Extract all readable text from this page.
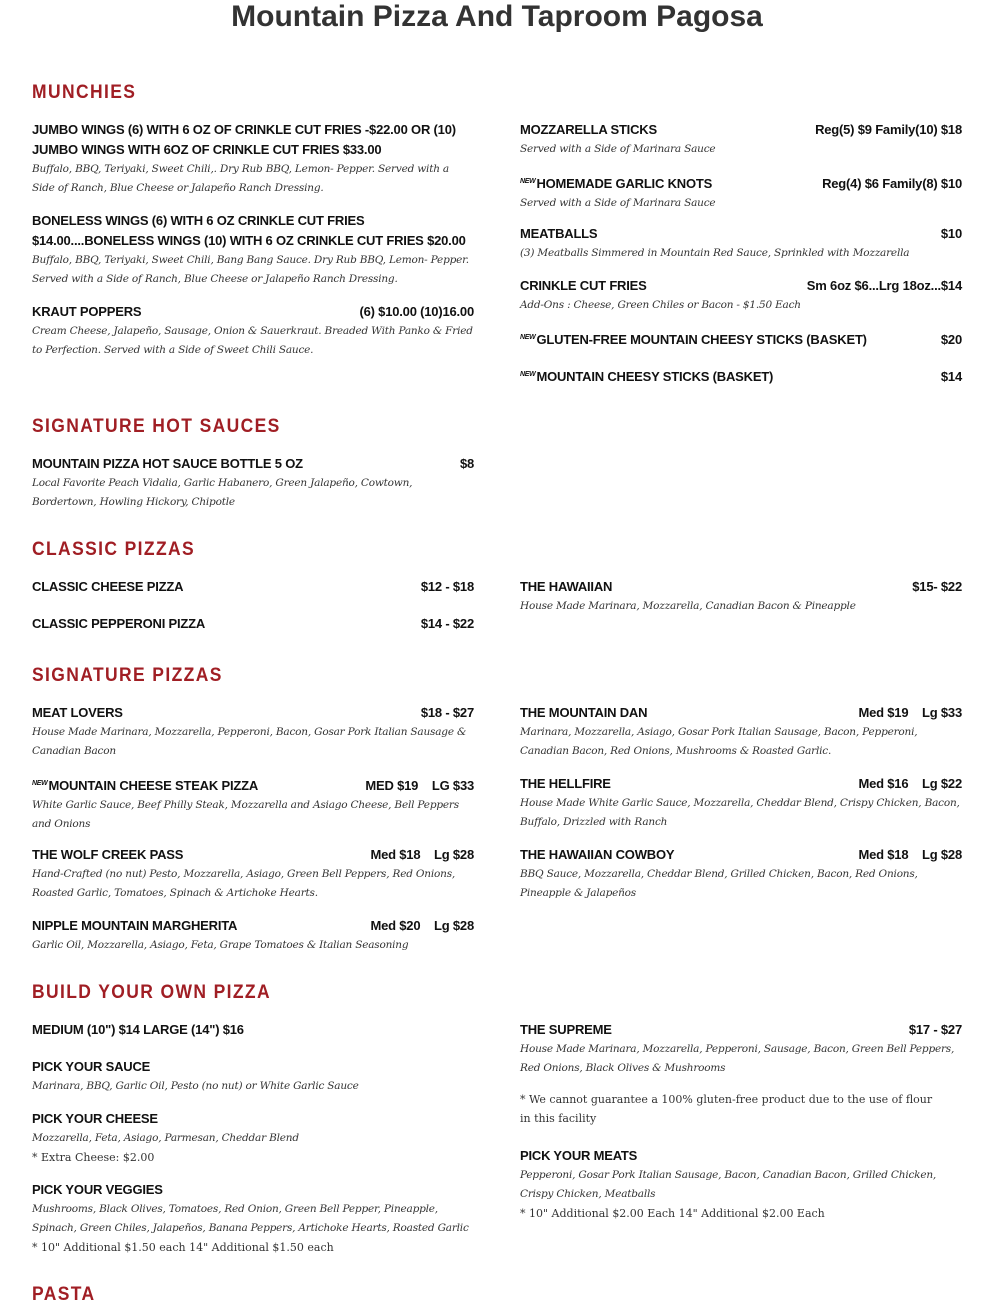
Mountain Pizza And Taproom Pagosa
MUNCHIES
JUMBO WINGS (6) WITH 6 OZ OF CRINKLE CUT FRIES -$22.00 OR (10) JUMBO WINGS WITH 6OZ OF CRINKLE CUT FRIES $33.00
Buffalo, BBQ, Teriyaki, Sweet Chili,. Dry Rub BBQ, Lemon- Pepper. Served with a Side of Ranch, Blue Cheese or Jalapeño Ranch Dressing.
BONELESS WINGS (6) WITH 6 OZ CRINKLE CUT FRIES $14.00....BONELESS WINGS (10) WITH 6 OZ CRINKLE CUT FRIES $20.00
Buffalo, BBQ, Teriyaki, Sweet Chili, Bang Bang Sauce. Dry Rub BBQ, Lemon- Pepper. Served with a Side of Ranch, Blue Cheese or Jalapeño Ranch Dressing.
KRAUT POPPERS	(6) $10.00 (10)16.00
Cream Cheese, Jalapeño, Sausage, Onion & Sauerkraut. Breaded With Panko & Fried to Perfection. Served with a Side of Sweet Chili Sauce.
MOZZARELLA STICKS	Reg(5) $9 Family(10) $18
Served with a Side of Marinara Sauce
$^{NEW}$HOMEMADE GARLIC KNOTS	Reg(4) $6 Family(8) $10
Served with a Side of Marinara Sauce
MEATBALLS	$10
(3) Meatballs Simmered in Mountain Red Sauce, Sprinkled with Mozzarella
CRINKLE CUT FRIES	Sm 6oz $6...Lrg 18oz...$14
Add-Ons : Cheese, Green Chiles or Bacon - $1.50 Each
$^{NEW}$GLUTEN-FREE MOUNTAIN CHEESY STICKS (BASKET)	$20
$^{NEW}$MOUNTAIN CHEESY STICKS (BASKET)	$14
SIGNATURE HOT SAUCES
MOUNTAIN PIZZA HOT SAUCE BOTTLE 5 OZ	$8
Local Favorite Peach Vidalia, Garlic Habanero, Green Jalapeño, Cowtown, Bordertown, Howling Hickory, Chipotle
CLASSIC PIZZAS
CLASSIC CHEESE PIZZA	$12 - $18
CLASSIC PEPPERONI PIZZA	$14 - $22
THE HAWAIIAN	$15- $22
House Made Marinara, Mozzarella, Canadian Bacon & Pineapple
SIGNATURE PIZZAS
MEAT LOVERS	$18 - $27
House Made Marinara, Mozzarella, Pepperoni, Bacon, Gosar Pork Italian Sausage & Canadian Bacon
$^{NEW}$MOUNTAIN CHEESE STEAK PIZZA	MED $19    LG $33
White Garlic Sauce, Beef Philly Steak, Mozzarella and Asiago Cheese, Bell Peppers and Onions
THE WOLF CREEK PASS	Med $18    Lg $28
Hand-Crafted (no nut) Pesto, Mozzarella, Asiago, Green Bell Peppers, Red Onions, Roasted Garlic, Tomatoes, Spinach & Artichoke Hearts.
NIPPLE MOUNTAIN MARGHERITA	Med $20    Lg $28
Garlic Oil, Mozzarella, Asiago, Feta, Grape Tomatoes & Italian Seasoning
THE MOUNTAIN DAN	Med $19    Lg $33
Marinara, Mozzarella, Asiago, Gosar Pork Italian Sausage, Bacon, Pepperoni, Canadian Bacon, Red Onions, Mushrooms & Roasted Garlic.
THE HELLFIRE	Med $16    Lg $22
House Made White Garlic Sauce, Mozzarella, Cheddar Blend, Crispy Chicken, Bacon, Buffalo, Drizzled with Ranch
THE HAWAIIAN COWBOY	Med $18    Lg $28
BBQ Sauce, Mozzarella, Cheddar Blend, Grilled Chicken, Bacon, Red Onions, Pineapple & Jalapeños
BUILD YOUR OWN PIZZA
MEDIUM (10") $14 LARGE (14") $16
PICK YOUR SAUCE
Marinara, BBQ, Garlic Oil, Pesto (no nut) or White Garlic Sauce
PICK YOUR CHEESE
Mozzarella, Feta, Asiago, Parmesan, Cheddar Blend
* Extra Cheese: $2.00
PICK YOUR VEGGIES
Mushrooms, Black Olives, Tomatoes, Red Onion, Green Bell Pepper, Pineapple, Spinach, Green Chiles, Jalapeños, Banana Peppers, Artichoke Hearts, Roasted Garlic
* 10" Additional $1.50 each 14" Additional $1.50 each
THE SUPREME	$17 - $27
House Made Marinara, Mozzarella, Pepperoni, Sausage, Bacon, Green Bell Peppers, Red Onions, Black Olives & Mushrooms
* We cannot guarantee a 100% gluten-free product due to the use of flour in this facility
PICK YOUR MEATS
Pepperoni, Gosar Pork Italian Sausage, Bacon, Canadian Bacon, Grilled Chicken, Crispy Chicken, Meatballs
* 10" Additional $2.00 Each 14" Additional $2.00 Each
PASTA
